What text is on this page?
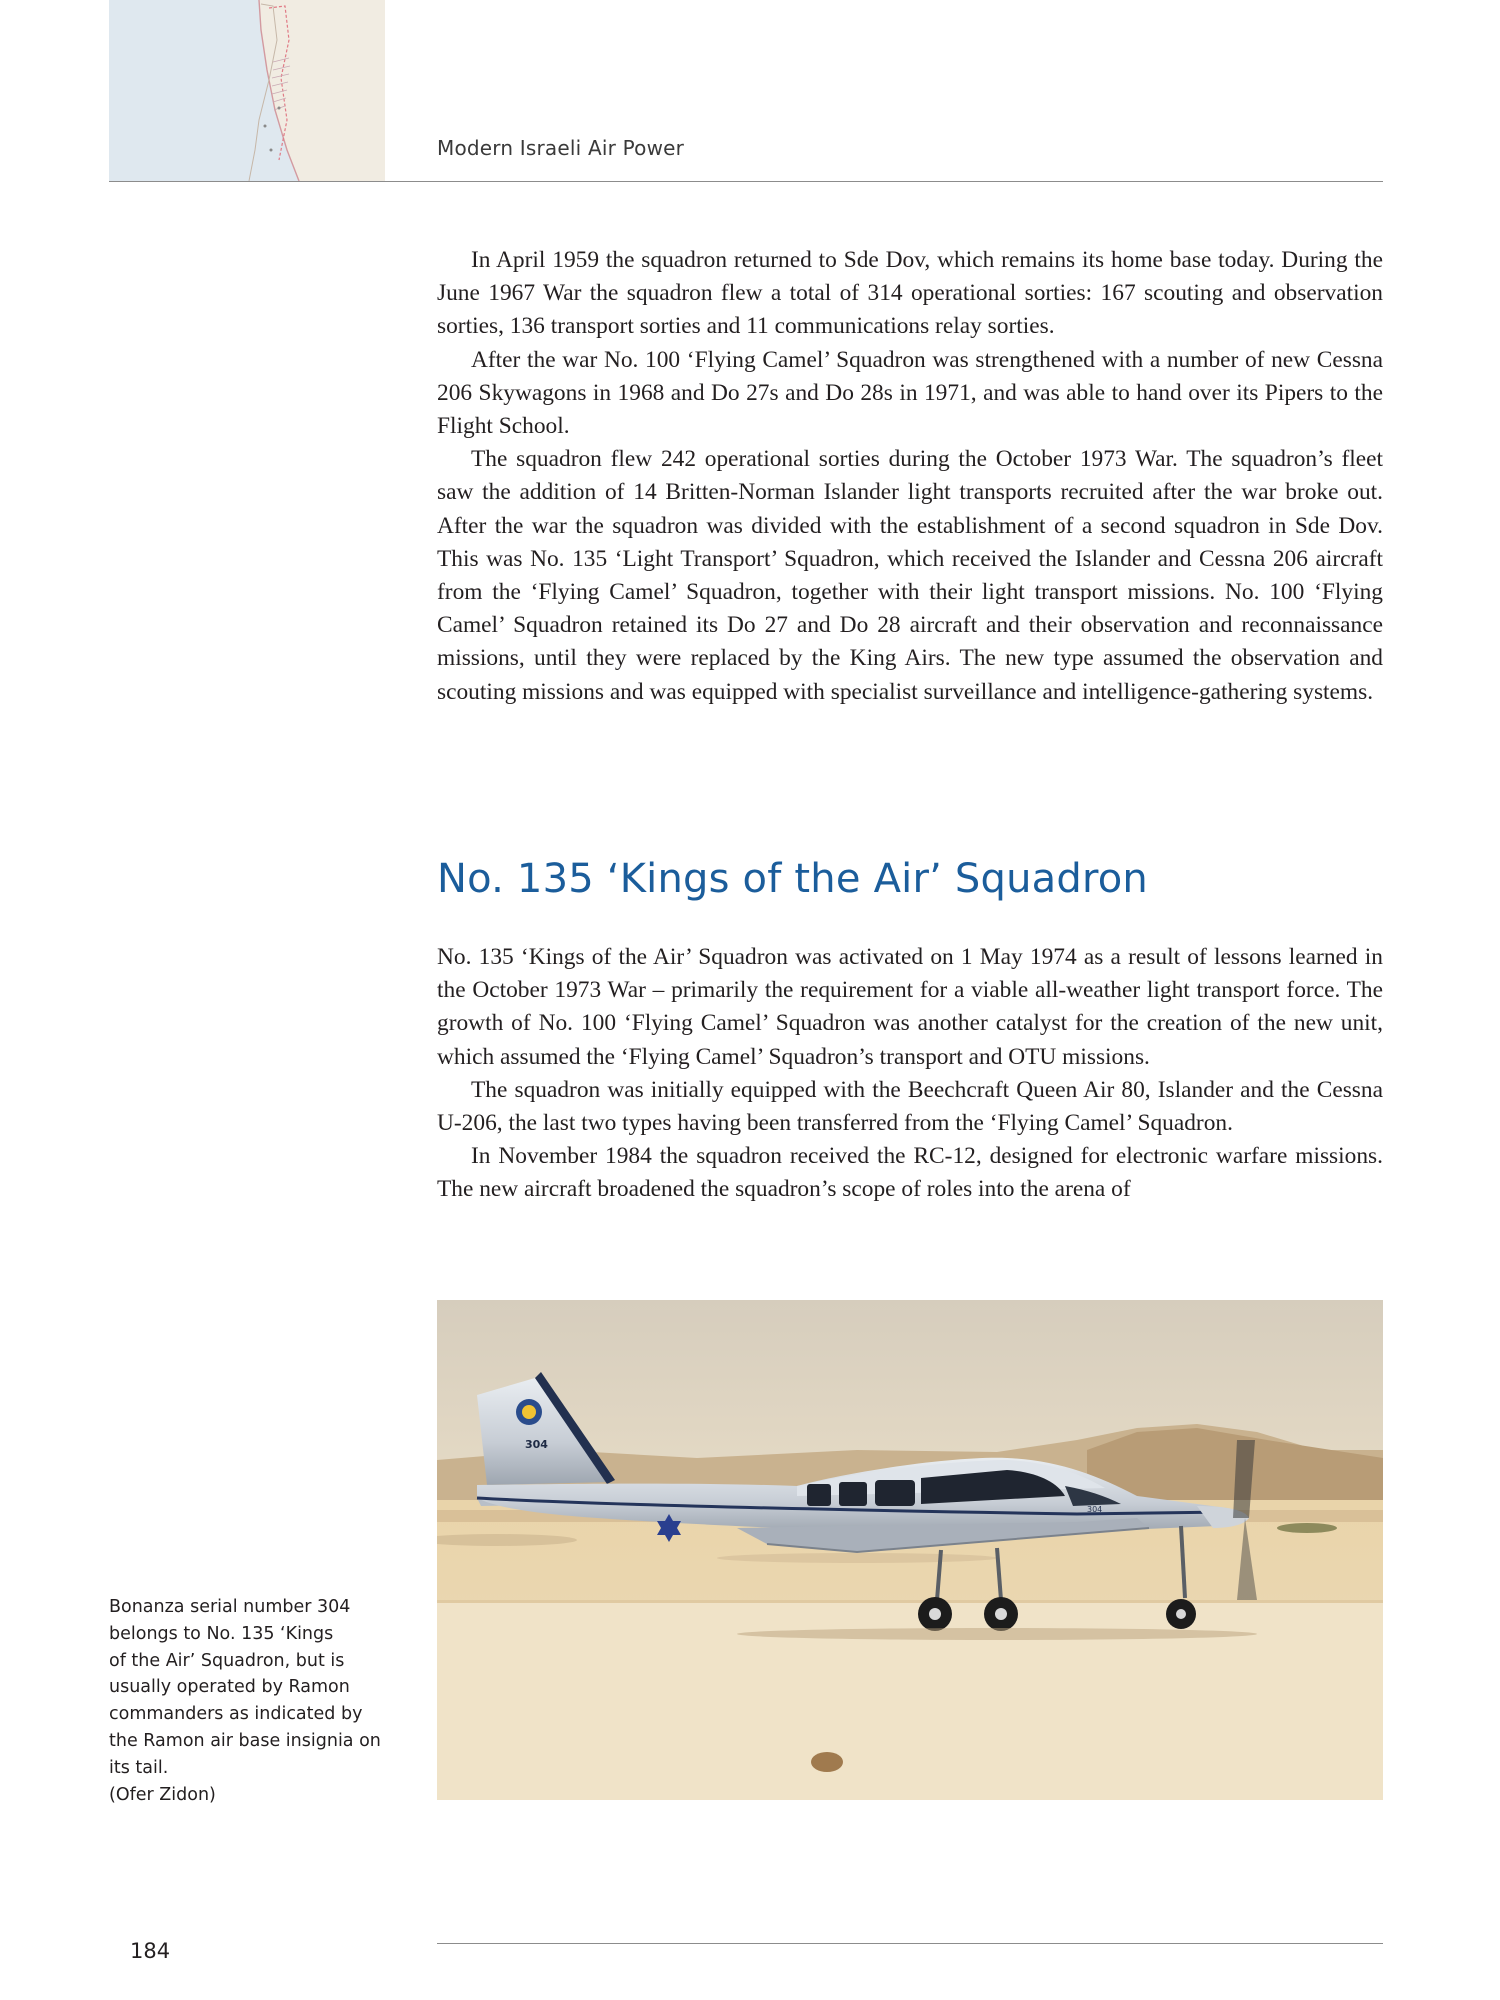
Modern Israeli Air Power

In April 1959 the squadron returned to Sde Dov, which remains its home base today. During the June 1967 War the squadron flew a total of 314 operational sorties: 167 scouting and observation sorties, 136 transport sorties and 11 communications relay sorties.

After the war No. 100 ‘Flying Camel’ Squadron was strengthened with a number of new Cessna 206 Skywagons in 1968 and Do 27s and Do 28s in 1971, and was able to hand over its Pipers to the Flight School.

The squadron flew 242 operational sorties during the October 1973 War. The squadron’s fleet saw the addition of 14 Britten-Norman Islander light transports recruited after the war broke out. After the war the squadron was divided with the establishment of a second squadron in Sde Dov. This was No. 135 ‘Light Transport’ Squadron, which received the Islander and Cessna 206 aircraft from the ‘Flying Camel’ Squadron, together with their light transport missions. No. 100 ‘Flying Camel’ Squadron retained its Do 27 and Do 28 aircraft and their observation and reconnaissance missions, until they were replaced by the King Airs. The new type assumed the observation and scouting missions and was equipped with specialist surveillance and intelligence-gathering systems.

No. 135 ‘Kings of the Air’ Squadron

No. 135 ‘Kings of the Air’ Squadron was activated on 1 May 1974 as a result of lessons learned in the October 1973 War – primarily the requirement for a viable all-weather light transport force. The growth of No. 100 ‘Flying Camel’ Squadron was another catalyst for the creation of the new unit, which assumed the ‘Flying Camel’ Squadron’s transport and OTU missions.

The squadron was initially equipped with the Beechcraft Queen Air 80, Islander and the Cessna U-206, the last two types having been transferred from the ‘Flying Camel’ Squadron.

In November 1984 the squadron received the RC-12, designed for electronic warfare missions. The new aircraft broadened the squadron’s scope of roles into the arena of

304
304
Bonanza serial number 304
belongs to No. 135 ‘Kings
of the Air’ Squadron, but is
usually operated by Ramon
commanders as indicated by
the Ramon air base insignia on
its tail.
(Ofer Zidon)
184
